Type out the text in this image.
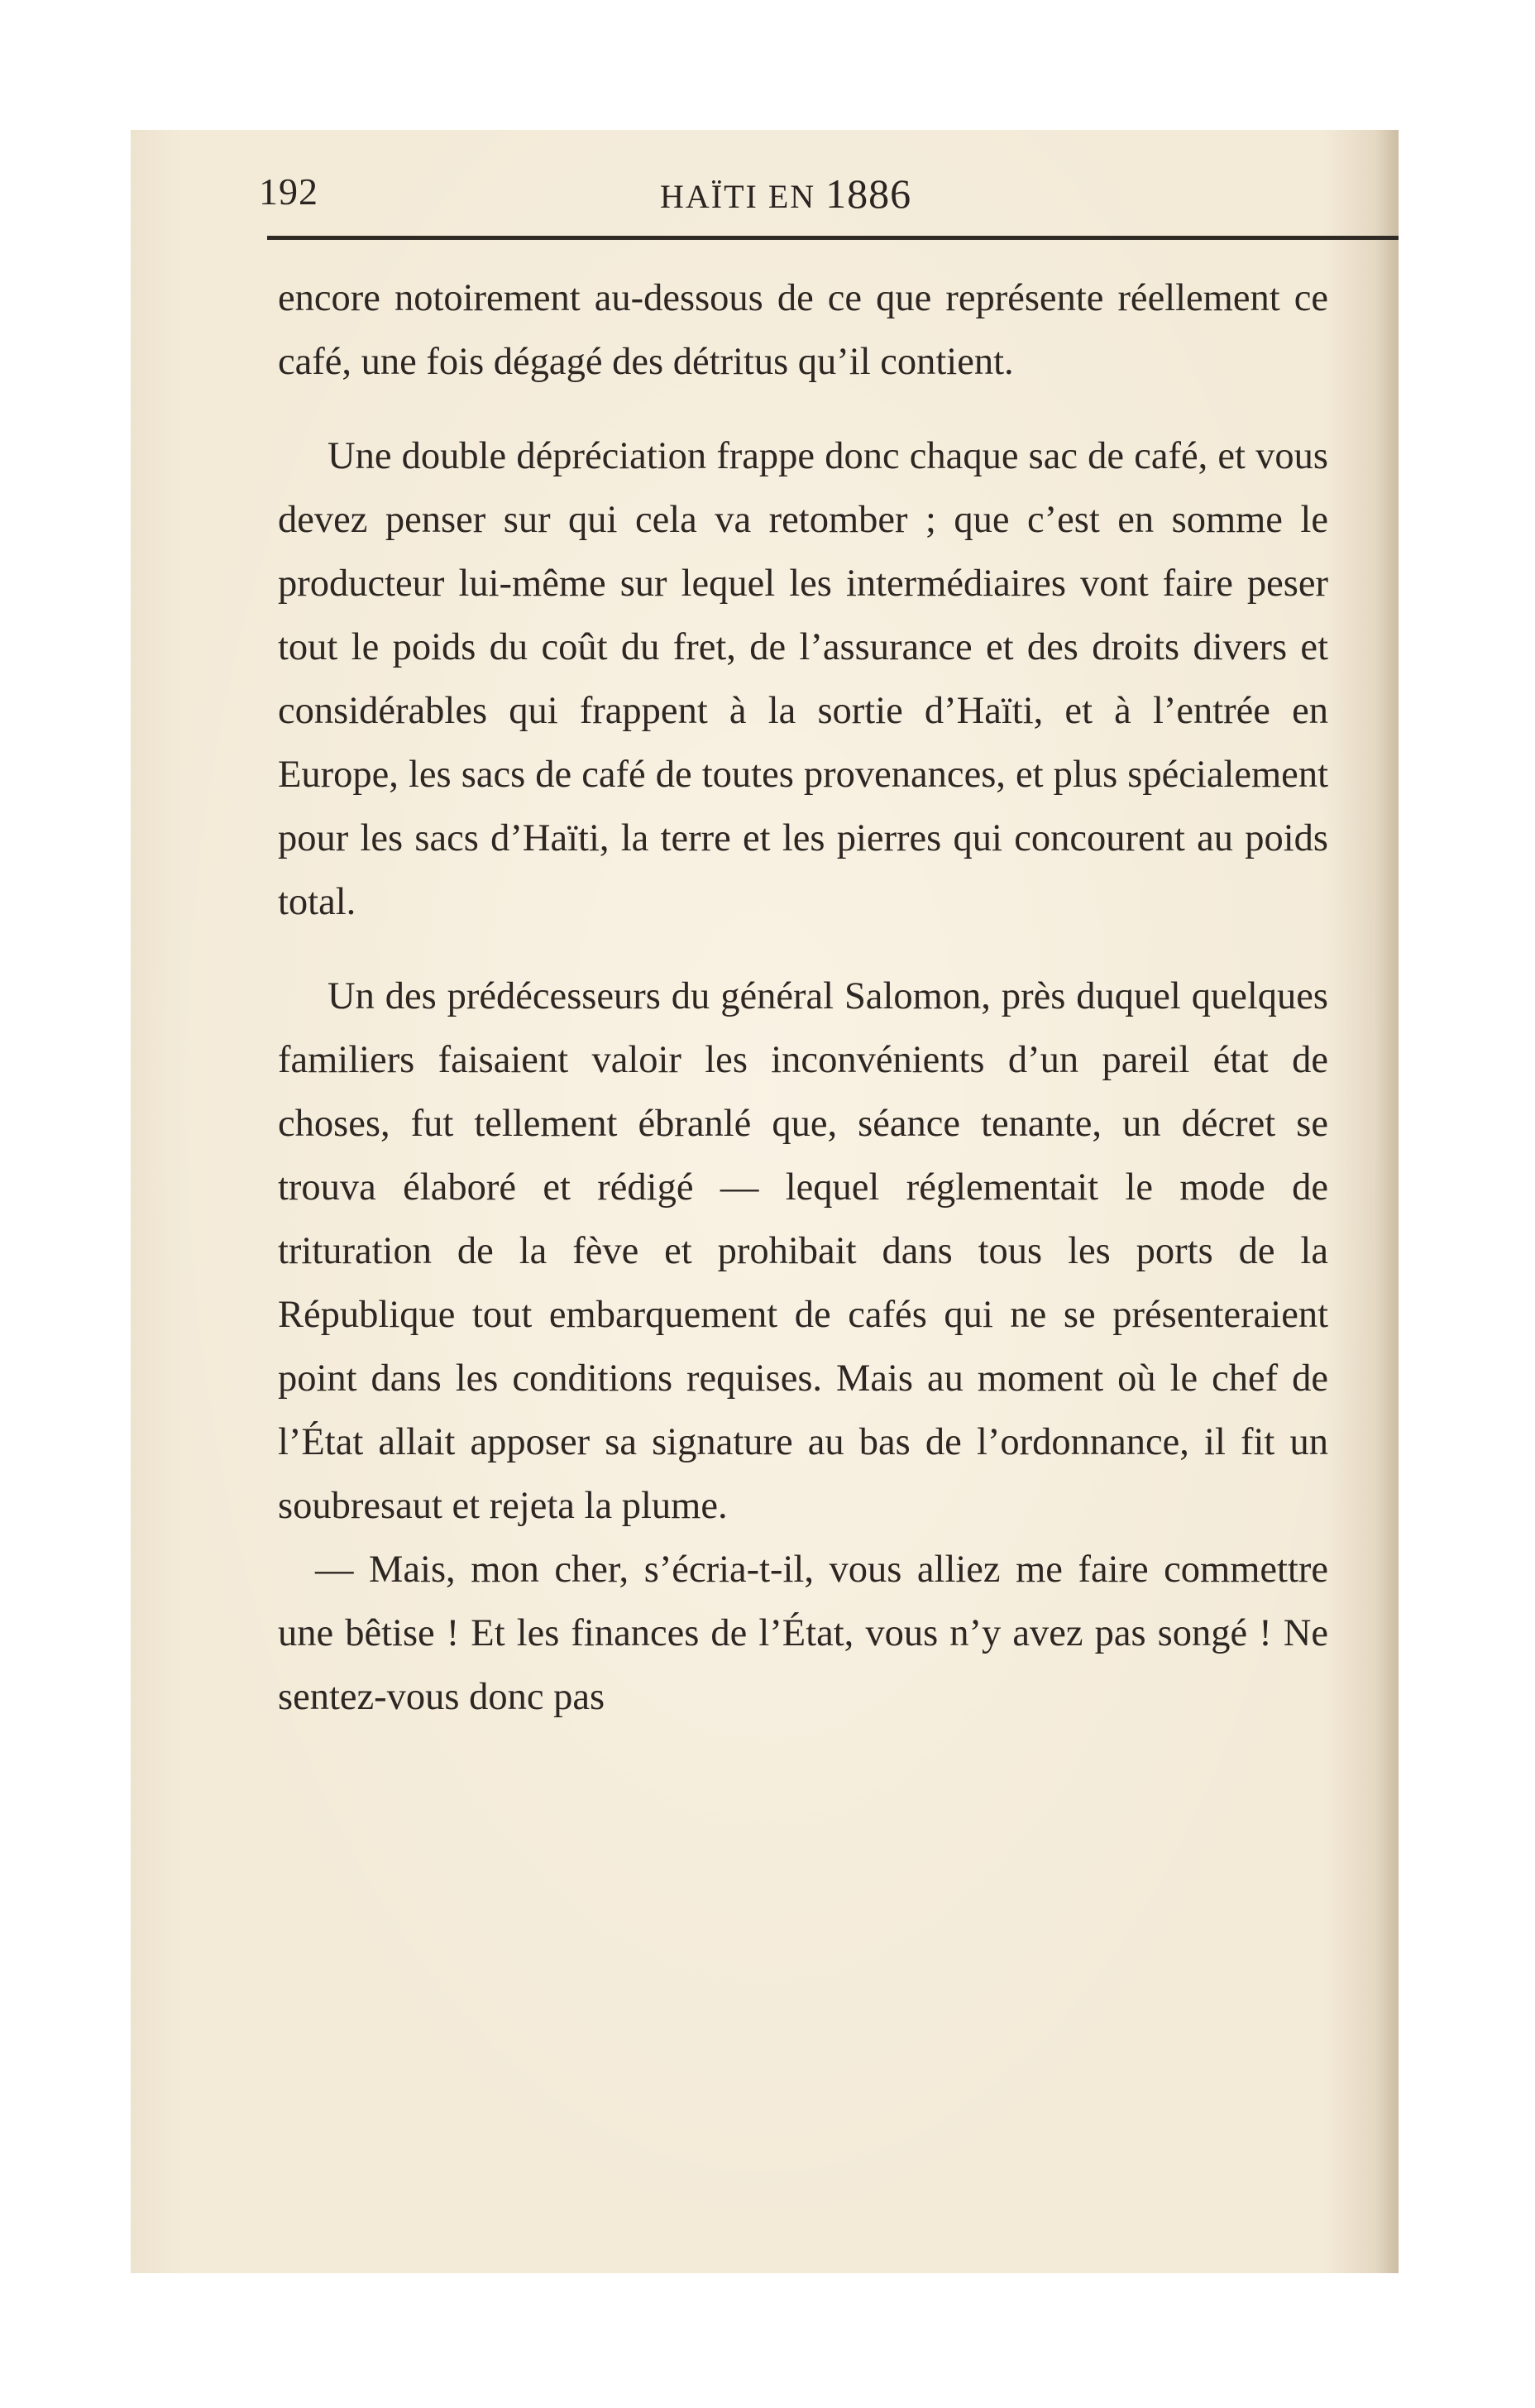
192	HAÏTI EN 1886

encore notoirement au-dessous de ce que représente réellement ce café, une fois dégagé des détritus qu’il contient.

Une double dépréciation frappe donc chaque sac de café, et vous devez penser sur qui cela va retomber ; que c’est en somme le producteur lui-même sur lequel les intermédiaires vont faire peser tout le poids du coût du fret, de l’assurance et des droits divers et considérables qui frappent à la sortie d’Haïti, et à l’entrée en Europe, les sacs de café de toutes provenances, et plus spécialement pour les sacs d’Haïti, la terre et les pierres qui concourent au poids total.

Un des prédécesseurs du général Salomon, près duquel quelques familiers faisaient valoir les inconvénients d’un pareil état de choses, fut tellement ébranlé que, séance tenante, un décret se trouva élaboré et rédigé — lequel réglementait le mode de trituration de la fève et prohibait dans tous les ports de la République tout embarquement de cafés qui ne se présenteraient point dans les conditions requises. Mais au moment où le chef de l’État allait apposer sa signature au bas de l’ordonnance, il fit un soubresaut et rejeta la plume.

— Mais, mon cher, s’écria-t-il, vous alliez me faire commettre une bêtise ! Et les finances de l’État, vous n’y avez pas songé ! Ne sentez-vous donc pas
